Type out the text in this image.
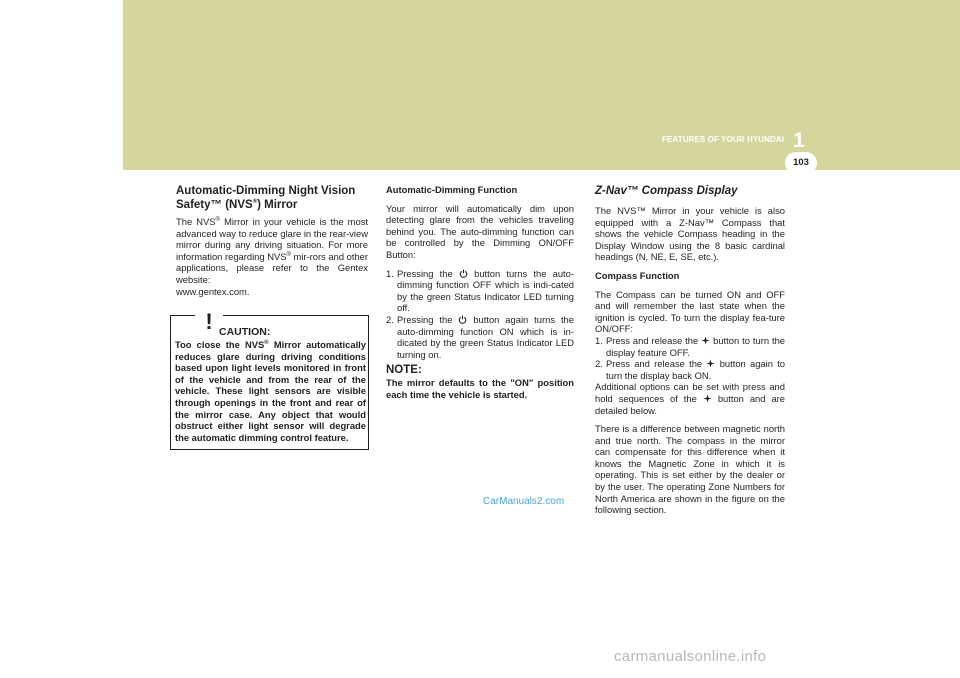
FEATURES OF YOUR HYUNDAI 1
103
Automatic-Dimming Night Vision
Safety™ (NVS®) Mirror
The NVS® Mirror in your vehicle is the most advanced way to reduce glare in the rear-view mirror during any driving situation. For more information regarding NVS® mir-rors and other applications, please refer to the Gentex website:
www.gentex.com.
! CAUTION:
Too close the NVS® Mirror automatically reduces glare during driving conditions based upon light levels monitored in front of the vehicle and from the rear of the vehicle. These light sensors are visible through openings in the front and rear of the mirror case. Any object that would obstruct either light sensor will degrade the automatic dimming control feature.
Automatic-Dimming Function
Your mirror will automatically dim upon detecting glare from the vehicles traveling behind you. The auto-dimming function can be controlled by the Dimming ON/OFF Button:
1. Pressing the button turns the auto-dimming function OFF which is indi-cated by the green Status Indicator LED turning off.
2. Pressing the button again turns the auto-dimming function ON which is in-dicated by the green Status Indicator LED turning on.
NOTE:
The mirror defaults to the "ON" position each time the vehicle is started.
Z-Nav™ Compass Display
The NVS™ Mirror in your vehicle is also equipped with a Z-Nav™ Compass that shows the vehicle Compass heading in the Display Window using the 8 basic cardinal headings (N, NE, E, SE, etc.).
Compass Function
The Compass can be turned ON and OFF and will remember the last state when the ignition is cycled. To turn the display fea-ture ON/OFF:
1. Press and release the button to turn the display feature OFF.
2. Press and release the button again to turn the display back ON.
Additional options can be set with press and hold sequences of the button and are detailed below.
There is a difference between magnetic north and true north. The compass in the mirror can compensate for this difference when it knows the Magnetic Zone in which it is operating. This is set either by the dealer or by the user. The operating Zone Numbers for North America are shown in the figure on the following section.
CarManuals2.com
carmanualsonline.info
